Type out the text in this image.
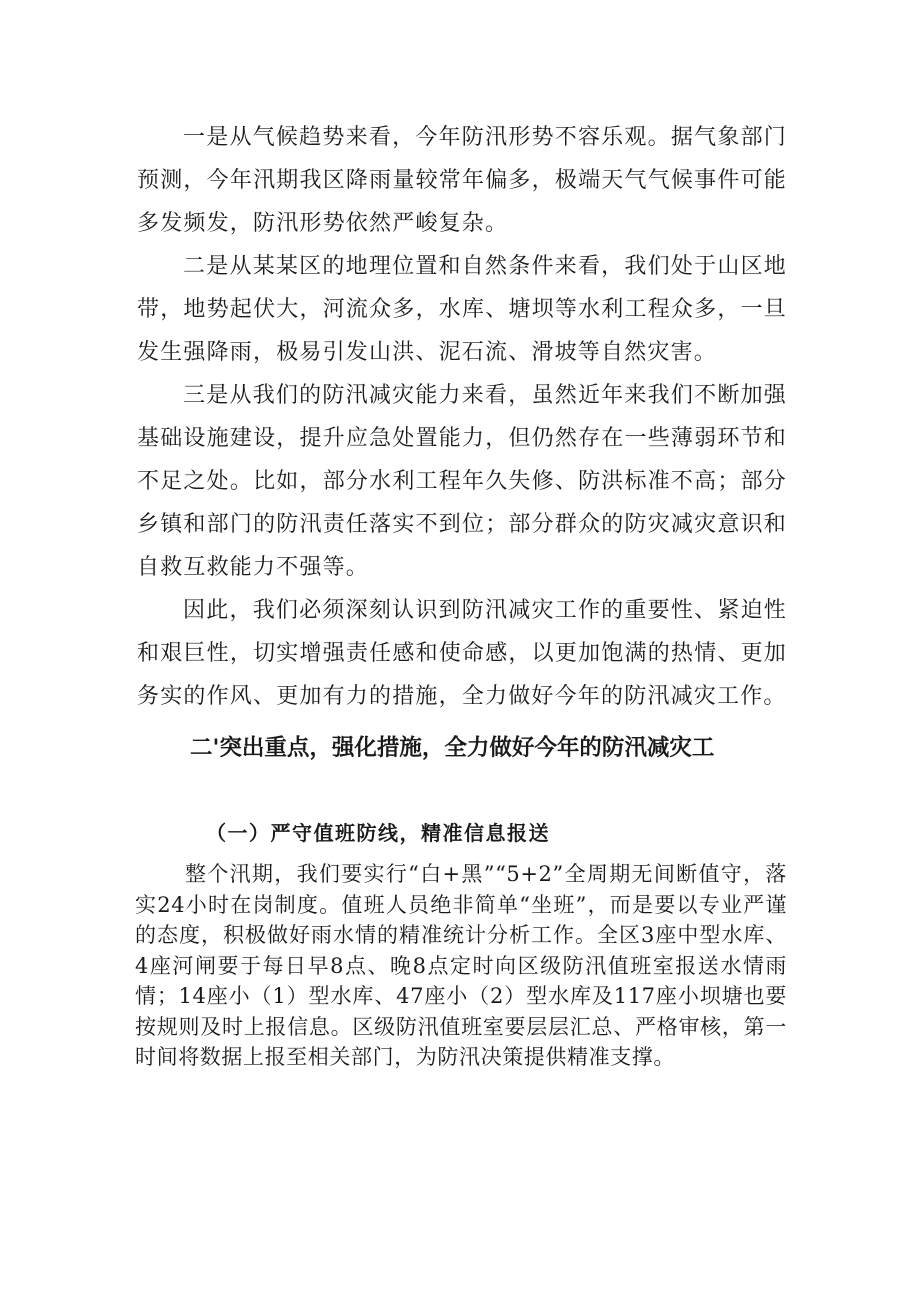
一是从气候趋势来看，今年防汛形势不容乐观。据气象部门预测，今年汛期我区降雨量较常年偏多，极端天气气候事件可能多发频发，防汛形势依然严峻复杂。

二是从某某区的地理位置和自然条件来看，我们处于山区地带，地势起伏大，河流众多，水库、塘坝等水利工程众多，一旦发生强降雨，极易引发山洪、泥石流、滑坡等自然灾害。

三是从我们的防汛减灾能力来看，虽然近年来我们不断加强基础设施建设，提升应急处置能力，但仍然存在一些薄弱环节和不足之处。比如，部分水利工程年久失修、防洪标准不高；部分乡镇和部门的防汛责任落实不到位；部分群众的防灾减灾意识和自救互救能力不强等。

因此，我们必须深刻认识到防汛减灾工作的重要性、紧迫性和艰巨性，切实增强责任感和使命感，以更加饱满的热情、更加务实的作风、更加有力的措施，全力做好今年的防汛减灾工作。

二'突出重点，强化措施，全力做好今年的防汛减灾工
（一）严守值班防线，精准信息报送

整个汛期，我们要实行“白+黑”“5+2”全周期无间断值守，落实24小时在岗制度。值班人员绝非简单“坐班”，而是要以专业严谨的态度，积极做好雨水情的精准统计分析工作。全区3座中型水库、4座河闸要于每日早8点、晚8点定时向区级防汛值班室报送水情雨情；14座小（1）型水库、47座小（2）型水库及117座小坝塘也要按规则及时上报信息。区级防汛值班室要层层汇总、严格审核，第一时间将数据上报至相关部门，为防汛决策提供精准支撑。
